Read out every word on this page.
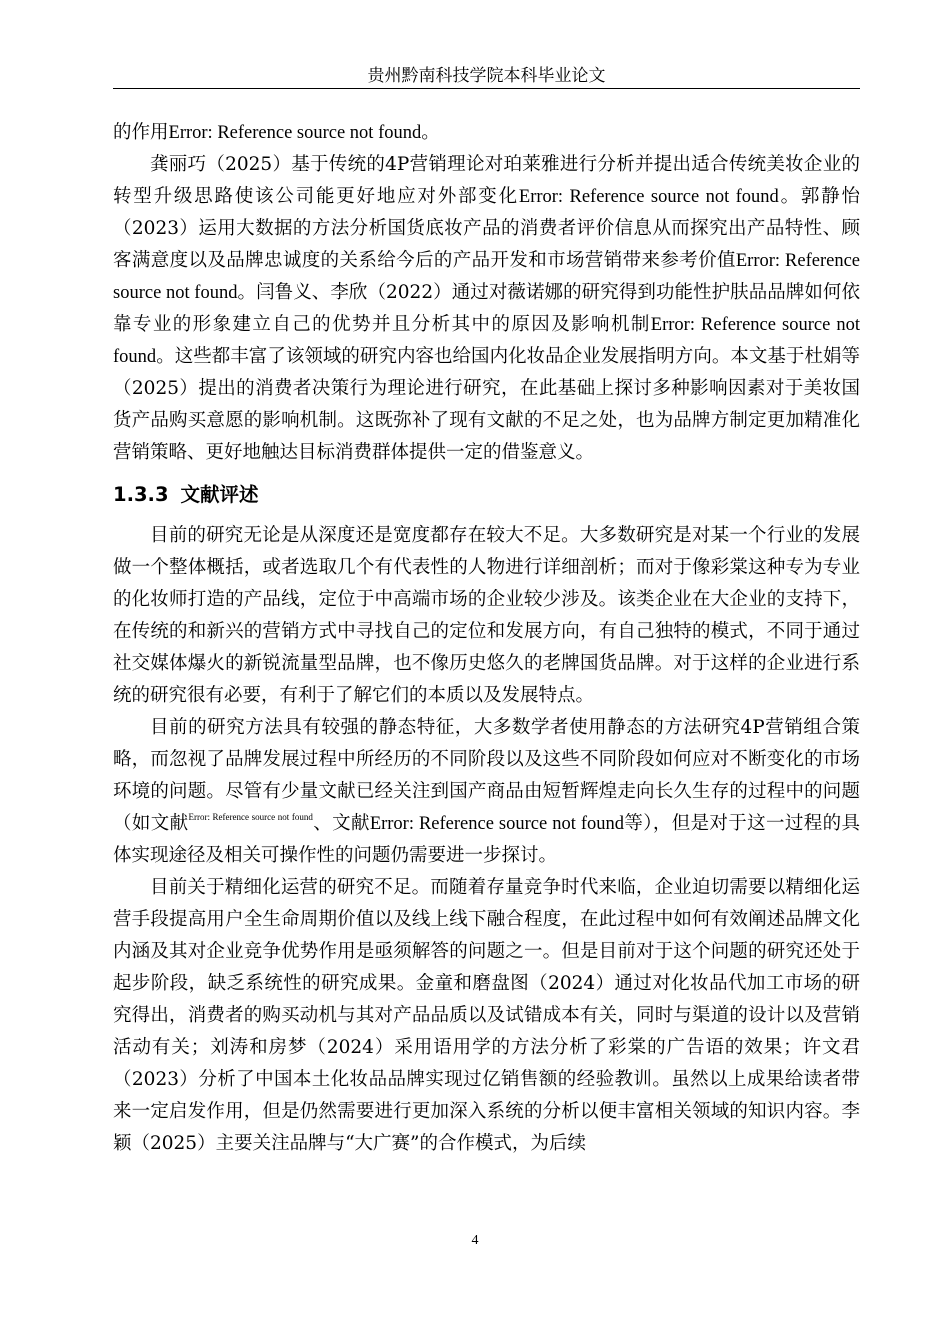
贵州黔南科技学院本科毕业论文

的作用Error: Reference source not found。

龚丽巧（2025）基于传统的4P营销理论对珀莱雅进行分析并提出适合传统美妆企业的转型升级思路使该公司能更好地应对外部变化Error: Reference source not found。郭静怡（2023）运用大数据的方法分析国货底妆产品的消费者评价信息从而探究出产品特性、顾客满意度以及品牌忠诚度的关系给今后的产品开发和市场营销带来参考价值Error: Reference source not found。闫鲁义、李欣（2022）通过对薇诺娜的研究得到功能性护肤品品牌如何依靠专业的形象建立自己的优势并且分析其中的原因及影响机制Error: Reference source not found。这些都丰富了该领域的研究内容也给国内化妆品企业发展指明方向。本文基于杜娟等（2025）提出的消费者决策行为理论进行研究，在此基础上探讨多种影响因素对于美妆国货产品购买意愿的影响机制。这既弥补了现有文献的不足之处，也为品牌方制定更加精准化营销策略、更好地触达目标消费群体提供一定的借鉴意义。

1.3.3 文献评述

目前的研究无论是从深度还是宽度都存在较大不足。大多数研究是对某一个行业的发展做一个整体概括，或者选取几个有代表性的人物进行详细剖析；而对于像彩棠这种专为专业的化妆师打造的产品线，定位于中高端市场的企业较少涉及。该类企业在大企业的支持下，在传统的和新兴的营销方式中寻找自己的定位和发展方向，有自己独特的模式，不同于通过社交媒体爆火的新锐流量型品牌，也不像历史悠久的老牌国货品牌。对于这样的企业进行系统的研究很有必要，有利于了解它们的本质以及发展特点。

目前的研究方法具有较强的静态特征，大多数学者使用静态的方法研究4P营销组合策略，而忽视了品牌发展过程中所经历的不同阶段以及这些不同阶段如何应对不断变化的市场环境的问题。尽管有少量文献已经关注到国产商品由短暂辉煌走向长久生存的过程中的问题（如文献$^{Error: Reference source not found}$、文献Error: Reference source not found等），但是对于这一过程的具体实现途径及相关可操作性的问题仍需要进一步探讨。

目前关于精细化运营的研究不足。而随着存量竞争时代来临，企业迫切需要以精细化运营手段提高用户全生命周期价值以及线上线下融合程度，在此过程中如何有效阐述品牌文化内涵及其对企业竞争优势作用是亟须解答的问题之一。但是目前对于这个问题的研究还处于起步阶段，缺乏系统性的研究成果。金童和磨盘图（2024）通过对化妆品代加工市场的研究得出，消费者的购买动机与其对产品品质以及试错成本有关，同时与渠道的设计以及营销活动有关；刘涛和房梦（2024）采用语用学的方法分析了彩棠的广告语的效果；许文君（2023）分析了中国本土化妆品品牌实现过亿销售额的经验教训。虽然以上成果给读者带来一定启发作用，但是仍然需要进行更加深入系统的分析以便丰富相关领域的知识内容。李颖（2025）主要关注品牌与“大广赛”的合作模式，为后续

4
